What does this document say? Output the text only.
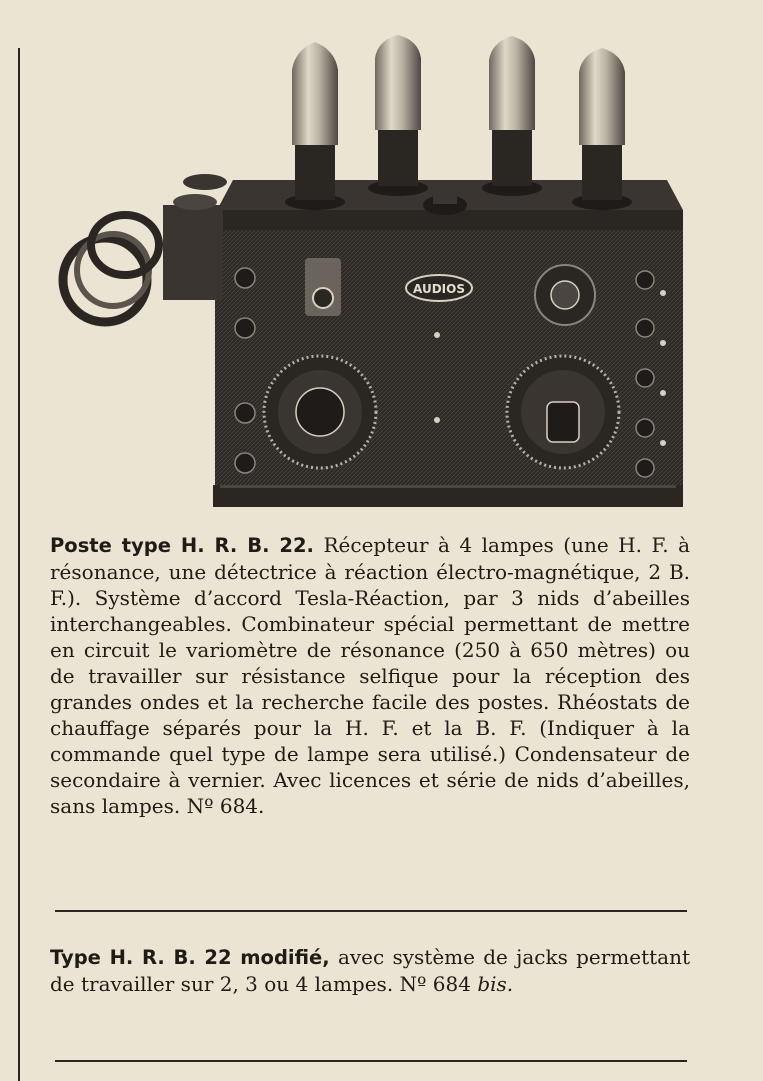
AUDIOS

Poste type H. R. B. 22. Récepteur à 4 lampes (une H. F. à résonance, une détectrice à réaction électro-magnétique, 2 B. F.). Système d’accord Tesla-Réaction, par 3 nids d’abeilles interchangeables. Combinateur spécial permettant de mettre en circuit le variomètre de résonance (250 à 650 mètres) ou de travailler sur résistance selfique pour la réception des grandes ondes et la recherche facile des postes. Rhéostats de chauffage séparés pour la H. F. et la B. F. (Indiquer à la commande quel type de lampe sera utilisé.) Condensateur de secondaire à vernier. Avec licences et série de nids d’abeilles, sans lampes. Nº 684.

Type H. R. B. 22 modifié, avec système de jacks permettant de travailler sur 2, 3 ou 4 lampes. Nº 684 bis.
